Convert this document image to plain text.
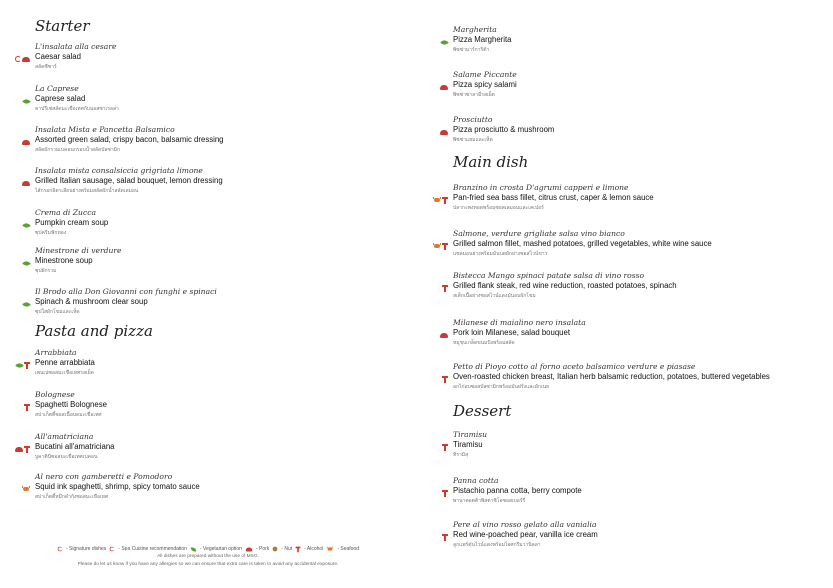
Starter
L'insalata alla cesare
Caesar salad
สลัดซีซาร์
La Caprese
Caprese salad
คาปรีเซ่สลัดมะเขือเทศกับมอสซาเรลล่า
Insalata Mista e Pancetta Balsamico
Assorted green salad, crispy bacon, balsamic dressing
สลัดผักรวมเบคอนกรอบน้ำสลัดบัลซามิก
Insalata mista consalsiccia grigriata limone
Grilled Italian sausage, salad bouquet, lemon dressing
ไส้กรอกอิตาเลียนย่างพร้อมสลัดผักน้ำสลัดเลมอน
Crema di Zucca
Pumpkin cream soup
ซุปครีมฟักทอง
Minestrone di verdure
Minestrone soup
ซุปผักรวม
Il Brodo alla Don Giovanni con funghi e spinaci
Spinach & mushroom clear soup
ซุปใสผักโขมและเห็ด
Pasta and pizza
Arrabbiata
Penne arrabbiata
เพนเน่ซอสมะเขือเทศรสเผ็ด
Bolognese
Spaghetti Bolognese
สปาเก็ตตี้ซอสเนื้อบดมะเขือเทศ
All'amatriciana
Bucatini all'amatriciana
บูคาตินีซอสมะเขือเทศเบคอน
Al nero con gamberetti e Pomodoro
Squid ink spaghetti, shrimp, spicy tomato sauce
สปาเก็ตตี้หมึกดำกุ้งซอสมะเขือเทศ
- Signature dishes - Spa Cuisine recommendation	- Vegetarian option	- Pork - Nut - Alcohol	- Seafood
All dishes are prepared without the use of MSG.
Please do let us know if you have any allergies so we can ensure that extra care is taken to avoid any accidental exposure.
Margherita
Pizza Margherita
พิซซ่ามาร์การิต้า
Salame Piccante
Pizza spicy salami
พิซซ่าซาลามี่รสเผ็ด
Prosciutto
Pizza prosciutto & mushroom
พิซซ่าแฮมและเห็ด
Main dish
Branzino in crosta D'agrumi capperi e limone
Pan-fried sea bass fillet, citrus crust, caper & lemon sauce
ปลากะพงทอดพร้อมซอสเลมอนและเคเปอร์
Salmone, verdure grigliate salsa vino bianco
Grilled salmon fillet, mashed potatoes, grilled vegetables, white wine sauce
แซลมอนย่างพร้อมมันบดผักย่างซอสไวน์ขาว
Bistecca Mango spinaci patate salsa di vino rosso
Grilled flank steak, red wine reduction, roasted potatoes, spinach
สเต็กเนื้อย่างซอสไวน์แดงมันอบผักโขม
Milanese di maialino nero insalata
Pork loin Milanese, salad bouquet
หมูชุบเกล็ดขนมปังพร้อมสลัด
Petto di Pioуо cotto al forno aceto balsamico verdure e piasase
Oven-roasted chicken breast, Italian herb balsamic reduction, potatoes, buttered vegetables
อกไก่อบซอสบัลซามิกพร้อมมันฝรั่งและผักเนย
Dessert
Tiramisu
Tiramisu
ทิรามิสุ
Panna cotta
Pistachio panna cotta, berry compote
พานาคอตต้าพิสตาชิโอซอสเบอร์รี่
Pere al vino rosso gelato alla vanialia
Red wine-poached pear, vanilla ice cream
ลูกแพร์ตุ๋นไวน์แดงพร้อมไอศกรีมวานิลลา
